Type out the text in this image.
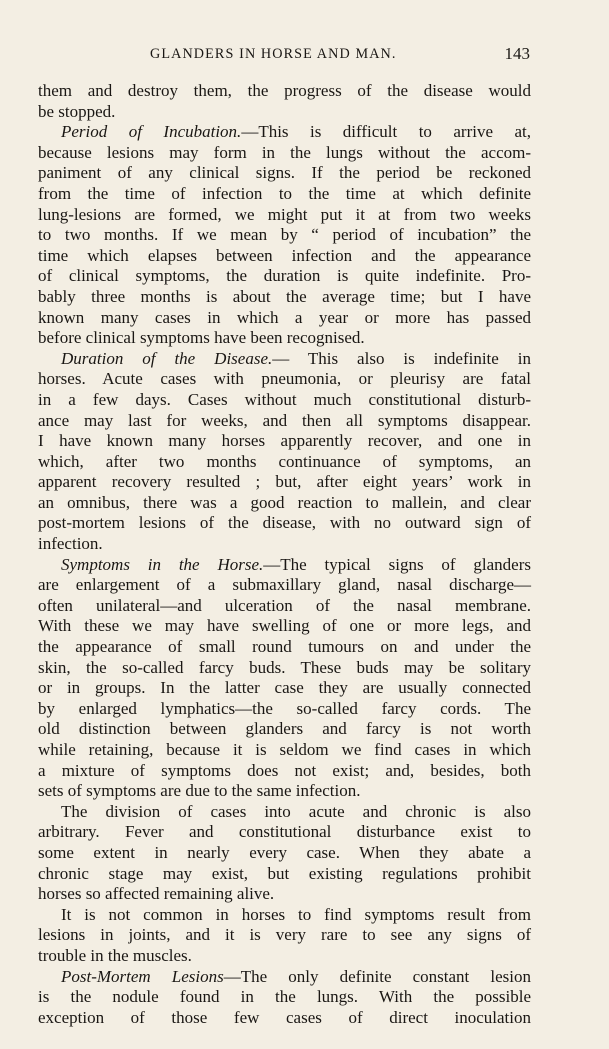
GLANDERS IN HORSE AND MAN.	143
them and destroy them, the progress of the disease would
be stopped.
Period of Incubation.—This is difficult to arrive at,
because lesions may form in the lungs without the accom-
paniment of any clinical signs. If the period be reckoned
from the time of infection to the time at which definite
lung-lesions are formed, we might put it at from two weeks
to two months. If we mean by “ period of incubation” the
time which elapses between infection and the appearance
of clinical symptoms, the duration is quite indefinite. Pro-
bably three months is about the average time; but I have
known many cases in which a year or more has passed
before clinical symptoms have been recognised.
Duration of the Disease.— This also is indefinite in
horses. Acute cases with pneumonia, or pleurisy are fatal
in a few days. Cases without much constitutional disturb-
ance may last for weeks, and then all symptoms disappear.
I have known many horses apparently recover, and one in
which, after two months continuance of symptoms, an
apparent recovery resulted ; but, after eight years’ work in
an omnibus, there was a good reaction to mallein, and clear
post-mortem lesions of the disease, with no outward sign of
infection.
Symptoms in the Horse.—The typical signs of glanders
are enlargement of a submaxillary gland, nasal discharge—
often unilateral—and ulceration of the nasal membrane.
With these we may have swelling of one or more legs, and
the appearance of small round tumours on and under the
skin, the so-called farcy buds. These buds may be solitary
or in groups. In the latter case they are usually connected
by enlarged lymphatics—the so-called farcy cords. The
old distinction between glanders and farcy is not worth
while retaining, because it is seldom we find cases in which
a mixture of symptoms does not exist; and, besides, both
sets of symptoms are due to the same infection.
The division of cases into acute and chronic is also
arbitrary. Fever and constitutional disturbance exist to
some extent in nearly every case. When they abate a
chronic stage may exist, but existing regulations prohibit
horses so affected remaining alive.
It is not common in horses to find symptoms result from
lesions in joints, and it is very rare to see any signs of
trouble in the muscles.
Post-Mortem Lesions—The only definite constant lesion
is the nodule found in the lungs. With the possible
exception of those few cases of direct inoculation
